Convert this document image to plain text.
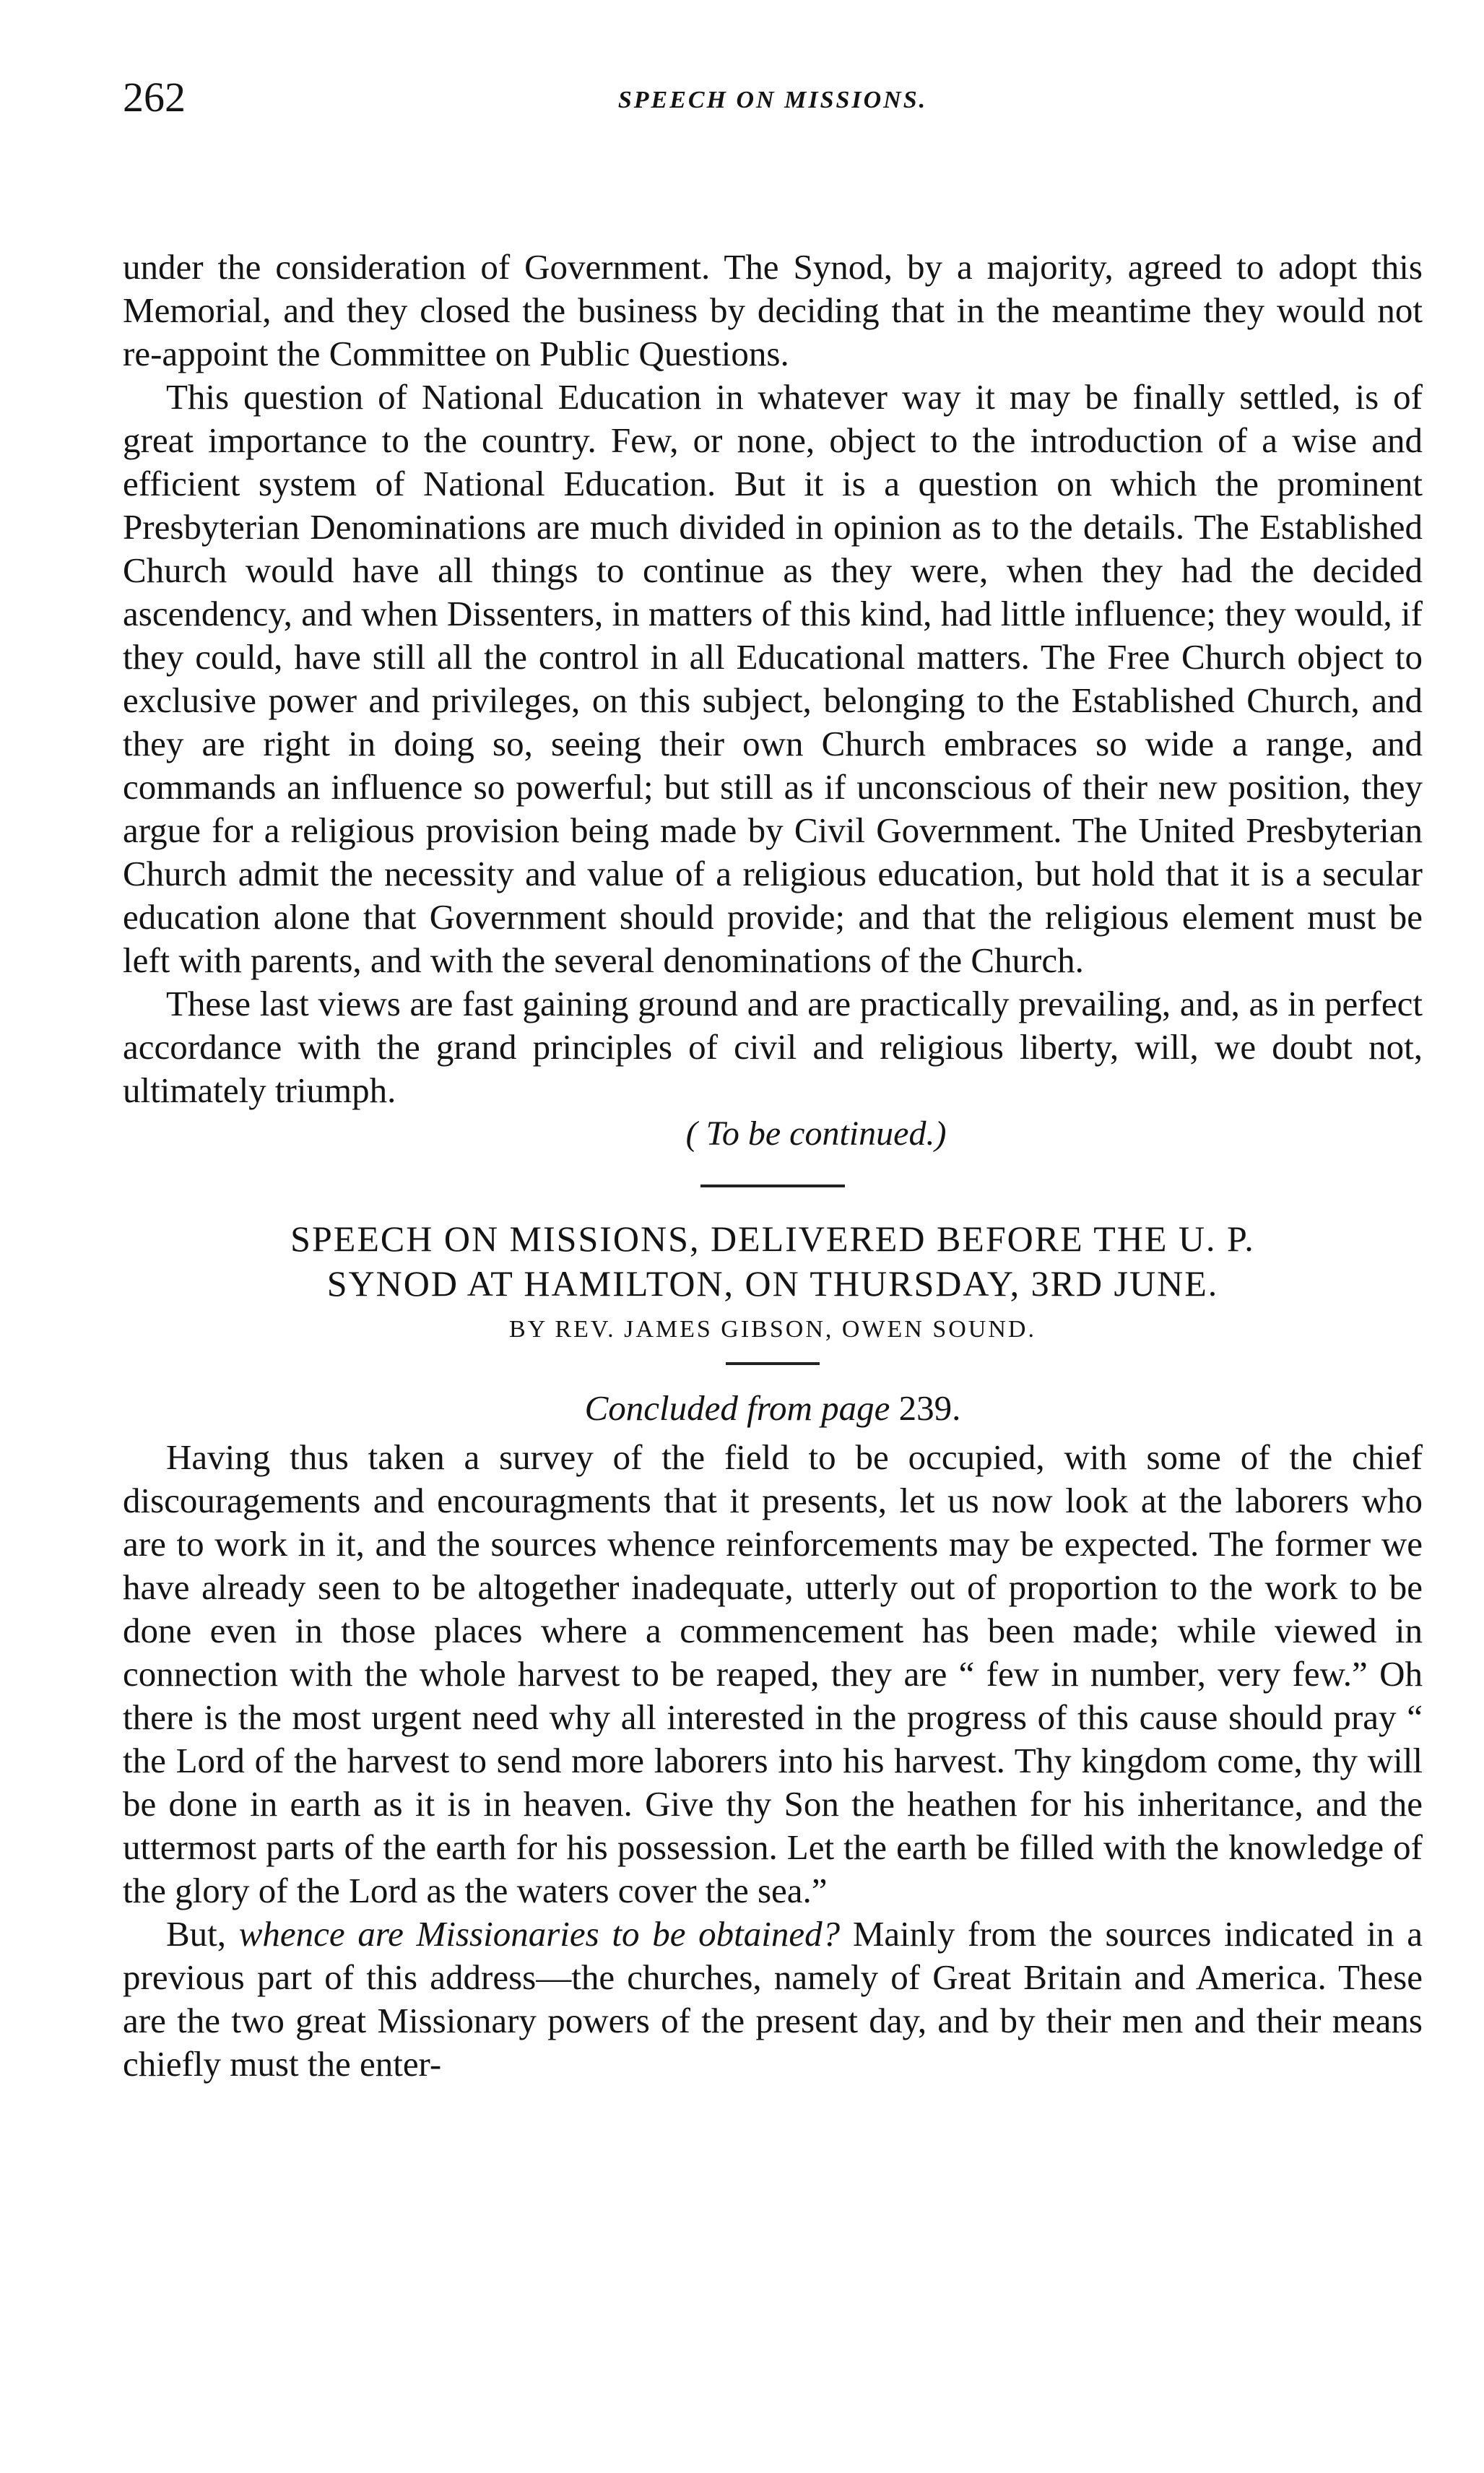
262	SPEECH ON MISSIONS.

under the consideration of Government. The Synod, by a majority, agreed to adopt this Memorial, and they closed the business by deciding that in the meantime they would not re-appoint the Committee on Public Questions.

This question of National Education in whatever way it may be finally settled, is of great importance to the country. Few, or none, object to the introduction of a wise and efficient system of National Education. But it is a question on which the prominent Presbyterian Denominations are much divided in opinion as to the details. The Established Church would have all things to continue as they were, when they had the decided ascendency, and when Dissenters, in matters of this kind, had little influence; they would, if they could, have still all the control in all Educational matters. The Free Church object to exclusive power and privileges, on this subject, belonging to the Established Church, and they are right in doing so, seeing their own Church embraces so wide a range, and commands an influence so powerful; but still as if unconscious of their new position, they argue for a religious provision being made by Civil Government. The United Presbyterian Church admit the necessity and value of a religious education, but hold that it is a secular education alone that Government should provide; and that the religious element must be left with parents, and with the several denominations of the Church.

These last views are fast gaining ground and are practically prevailing, and, as in perfect accordance with the grand principles of civil and religious liberty, will, we doubt not, ultimately triumph.

( To be continued.)
SPEECH ON MISSIONS, DELIVERED BEFORE THE U. P.
SYNOD AT HAMILTON, ON THURSDAY, 3RD JUNE.
BY REV. JAMES GIBSON, OWEN SOUND.
Concluded from page 239.

Having thus taken a survey of the field to be occupied, with some of the chief discouragements and encouragments that it presents, let us now look at the laborers who are to work in it, and the sources whence reinforcements may be expected. The former we have already seen to be altogether inadequate, utterly out of proportion to the work to be done even in those places where a commencement has been made; while viewed in connection with the whole harvest to be reaped, they are “ few in number, very few.” Oh there is the most urgent need why all interested in the progress of this cause should pray “ the Lord of the harvest to send more laborers into his harvest. Thy kingdom come, thy will be done in earth as it is in heaven. Give thy Son the heathen for his inheritance, and the uttermost parts of the earth for his possession. Let the earth be filled with the knowledge of the glory of the Lord as the waters cover the sea.”

But, whence are Missionaries to be obtained? Mainly from the sources indicated in a previous part of this address—the churches, namely of Great Britain and America. These are the two great Missionary powers of the present day, and by their men and their means chiefly must the enter-
